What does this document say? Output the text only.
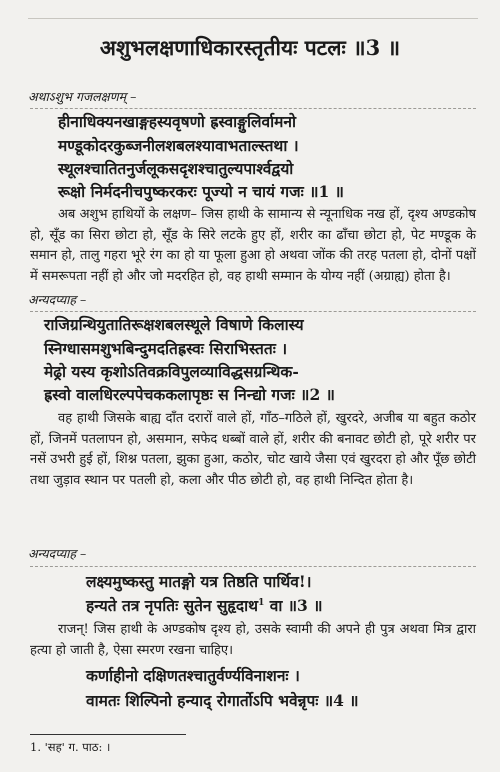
अशुभलक्षणाधिकारस्तृतीयः पटलः ॥3 ॥
अथाऽशुभ गजलक्षणम् –
हीनाधिक्यनखाङ्गहस्यवृषणो ह्रस्वाङ्गुलिर्वामनो
मण्डूकोदरकुब्जनीलशबलश्यावाभताल्स्तथा ।
स्थूलश्चातितनुर्जलूकसदृशश्चातुल्यपार्श्वद्वयो
रूक्षो निर्मदनीचपुष्करकरः पूज्यो न चायं गजः ॥1 ॥

अब अशुभ हाथियों के लक्षण– जिस हाथी के सामान्य से न्यूनाधिक नख हों, दृश्य अण्डकोष हो, सूँड का सिरा छोटा हो, सूँड के सिरे लटके हुए हों, शरीर का ढाँचा छोटा हो, पेट मण्डूक के समान हो, तालु गहरा भूरे रंग का हो या फूला हुआ हो अथवा जोंक की तरह पतला हो, दोनों पक्षों में समरूपता नहीं हो और जो मदरहित हो, वह हाथी सम्मान के योग्य नहीं (अग्राह्य) होता है।

अन्यदप्याह –
राजिग्रन्थियुतातिरूक्षशबलस्थूले विषाणे किलास्य
स्निग्धासमशुभबिन्दुमदतिह्रस्वः सिराभिस्ततः ।
मेढ्रो यस्य कृशोऽतिवक्रविपुलव्याविद्धसग्रन्थिक-
ह्रस्वो वालधिरल्पपेचककलापृष्ठः स निन्द्यो गजः ॥2 ॥

वह हाथी जिसके बाह्य दाँत दरारों वाले हों, गाँठ–गठिले हों, खुरदरे, अजीब या बहुत कठोर हों, जिनमें पतलापन हो, असमान, सफेद धब्बों वाले हों, शरीर की बनावट छोटी हो, पूरे शरीर पर नसें उभरी हुई हों, शिश्न पतला, झुका हुआ, कठोर, चोट खाये जैसा एवं खुरदरा हो और पूँछ छोटी तथा जुड़ाव स्थान पर पतली हो, कला और पीठ छोटी हो, वह हाथी निन्दित होता है।

अन्यदप्याह –
लक्ष्यमुष्कस्तु मातङ्गो यत्र तिष्ठति पार्थिव!।
हन्यते तत्र नृपतिः सुतेन सुहृदाथ$^1$ वा ॥3 ॥

राजन्! जिस हाथी के अण्डकोष दृश्य हो, उसके स्वामी की अपने ही पुत्र अथवा मित्र द्वारा हत्या हो जाती है, ऐसा स्मरण रखना चाहिए।

कर्णाहीनो दक्षिणतश्चातुर्वर्ण्यविनाशनः ।
वामतः शिल्पिनो हन्याद् रोगार्तोऽपि भवेन्नृपः ॥4 ॥
1. 'सह' ग. पाठ: ।
